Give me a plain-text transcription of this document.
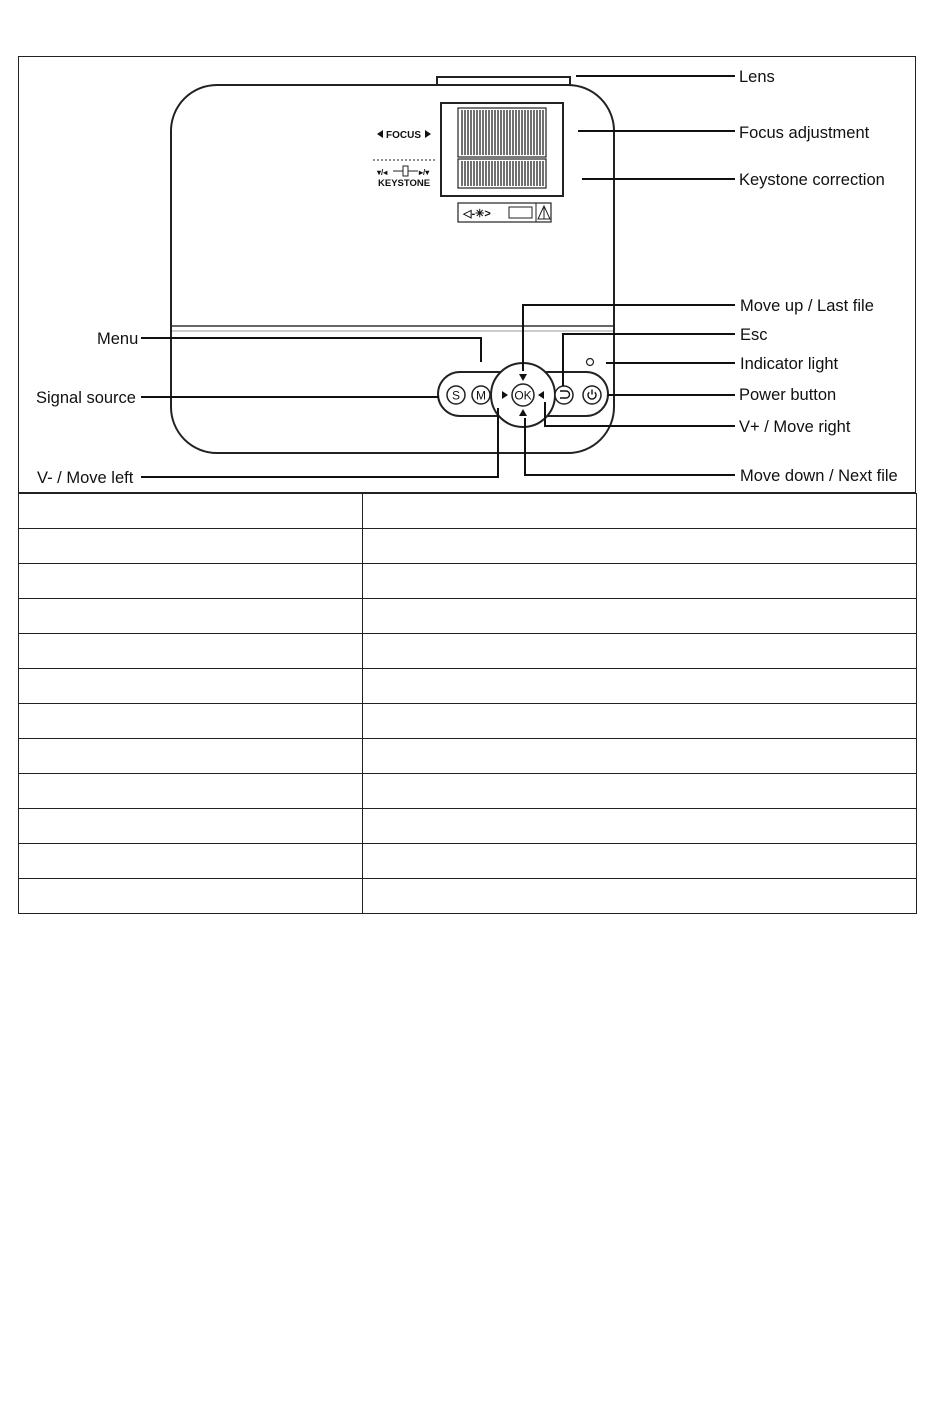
◁-✳>
FOCUS
▾/◂	▸/▾
KEYSTONE
S M OK
Lens
Focus adjustment
Keystone correction
Move up / Last file
Esc
Indicator light
Power button
V+ / Move right
Move down / Next file
Menu
Signal source
V- / Move left
